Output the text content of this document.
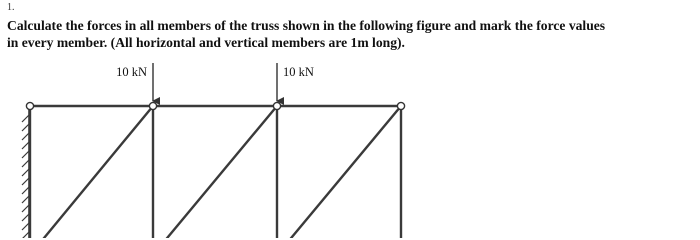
1.
Calculate the forces in all members of the truss shown in the following figure and mark the force values
in every member. (All horizontal and vertical members are 1m long).
10 kN	10 kN
